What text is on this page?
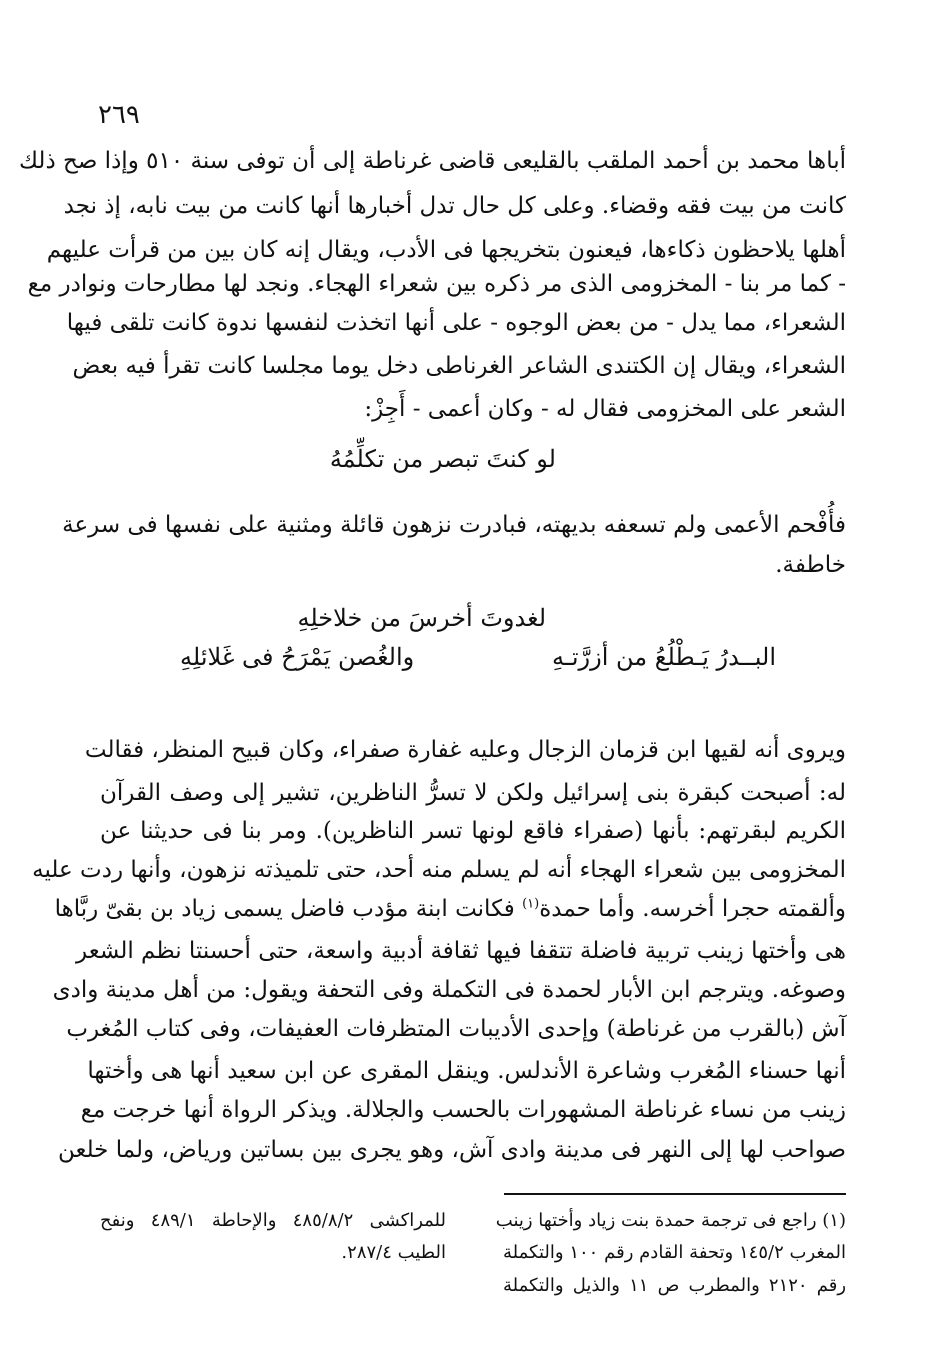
٢٦٩
أباها محمد بن أحمد الملقب بالقليعى قاضى غرناطة إلى أن توفى سنة ٥١٠ وإذا صح ذلك
كانت من بيت فقه وقضاء. وعلى كل حال تدل أخبارها أنها كانت من بيت نابه، إذ نجد
أهلها يلاحظون ذكاءها، فيعنون بتخريجها فى الأدب، ويقال إنه كان بين من قرأت عليهم
- كما مر بنا - المخزومى الذى مر ذكره بين شعراء الهجاء. ونجد لها مطارحات ونوادر مع
الشعراء، مما يدل - من بعض الوجوه - على أنها اتخذت لنفسها ندوة كانت تلقى فيها
الشعراء، ويقال إن الكتندى الشاعر الغرناطى دخل يوما مجلسا كانت تقرأ فيه بعض
الشعر على المخزومى فقال له - وكان أعمى - أَجِزْ:
لو كنتَ تبصر من تكلِّمُهُ
فأُفْحم الأعمى ولم تسعفه بديهته، فبادرت نزهون قائلة ومثنية على نفسها فى سرعة
خاطفة.
لغدوتَ أخرسَ من خلاخلِهِ
البــدرُ يَـطْلُعُ من أزرَّتـهِ
والغُصن يَمْرَحُ فى غَلائلِهِ
ويروى أنه لقيها ابن قزمان الزجال وعليه غفارة صفراء، وكان قبيح المنظر، فقالت
له: أصبحت كبقرة بنى إسرائيل ولكن لا تسرُّ الناظرين، تشير إلى وصف القرآن
الكريم لبقرتهم: بأنها (صفراء فاقع لونها تسر الناظرين). ومر بنا فى حديثنا عن
المخزومى بين شعراء الهجاء أنه لم يسلم منه أحد، حتى تلميذته نزهون، وأنها ردت عليه
وألقمته حجرا أخرسه. وأما حمدة$^{(١)}$ فكانت ابنة مؤدب فاضل يسمى زياد بن بقىّ ربَّاها
هى وأختها زينب تربية فاضلة تتقفا فيها ثقافة أدبية واسعة، حتى أحسنتا نظم الشعر
وصوغه. ويترجم ابن الأبار لحمدة فى التكملة وفى التحفة ويقول: من أهل مدينة وادى
آش (بالقرب من غرناطة) وإحدى الأديبات المتظرفات العفيفات، وفى كتاب المُغرب
أنها حسناء المُغرب وشاعرة الأندلس. وينقل المقرى عن ابن سعيد أنها هى وأختها
زينب من نساء غرناطة المشهورات بالحسب والجلالة. ويذكر الرواة أنها خرجت مع
صواحب لها إلى النهر فى مدينة وادى آش، وهو يجرى بين بساتين ورياض، ولما خلعن
(١) راجع فى ترجمة حمدة بنت زياد وأختها زينب
المغرب ١٤٥/٢ وتحفة القادم رقم ١٠٠ والتكملة
رقم ٢١٢٠ والمطرب ص ١١ والذيل والتكملة
للمراكشى ٤٨٥/٨/٢ والإحاطة ٤٨٩/١ ونفح
الطيب ٢٨٧/٤.
